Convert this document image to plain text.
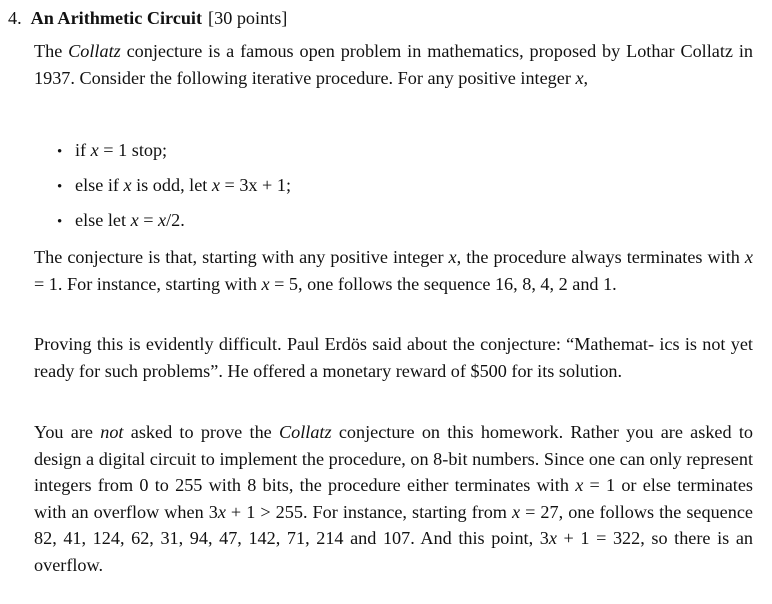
4. An Arithmetic Circuit [30 points]

The Collatz conjecture is a famous open problem in mathematics, proposed by Lothar Collatz in 1937. Consider the following iterative procedure. For any positive integer x,

• if x = 1 stop;
• else if x is odd, let x = 3x + 1;
• else let x = x/2.

The conjecture is that, starting with any positive integer x, the procedure always terminates with x = 1. For instance, starting with x = 5, one follows the sequence 16, 8, 4, 2 and 1.

Proving this is evidently difficult. Paul Erdös said about the conjecture: “Mathemat- ics is not yet ready for such problems”. He offered a monetary reward of $500 for its solution.

You are not asked to prove the Collatz conjecture on this homework. Rather you are asked to design a digital circuit to implement the procedure, on 8-bit numbers. Since one can only represent integers from 0 to 255 with 8 bits, the procedure either terminates with x = 1 or else terminates with an overflow when 3x + 1 > 255. For instance, starting from x = 27, one follows the sequence 82, 41, 124, 62, 31, 94, 47, 142, 71, 214 and 107. And this point, 3x + 1 = 322, so there is an overflow.
